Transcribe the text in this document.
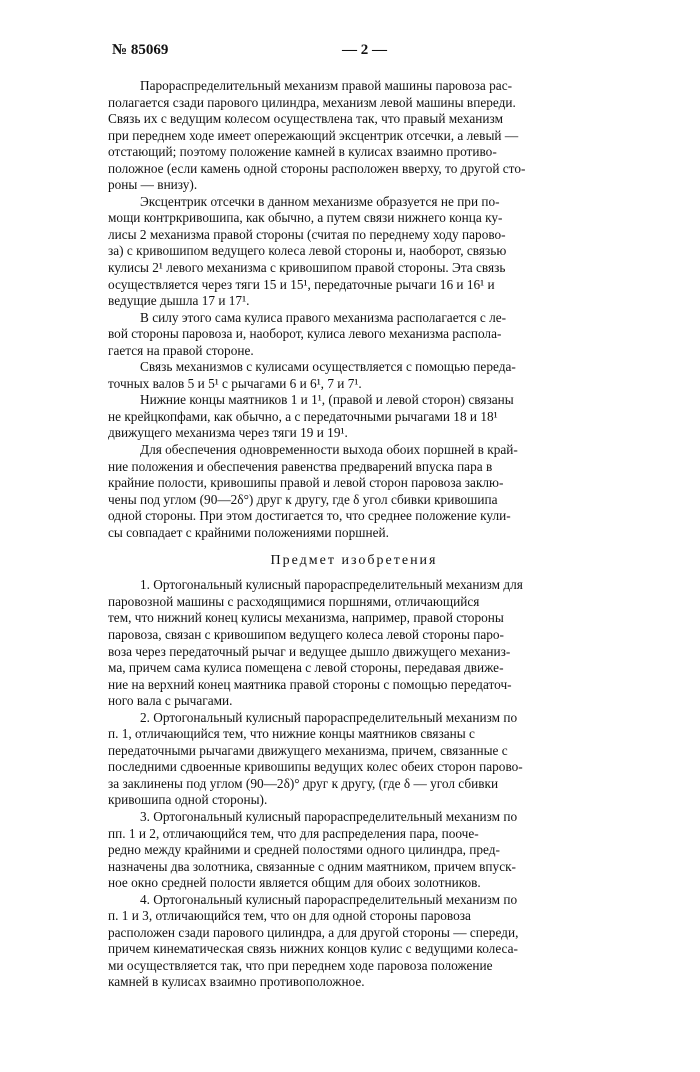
№ 85069	— 2 —
Парораспределительный механизм правой машины паровоза рас-
полагается сзади парового цилиндра, механизм левой машины впереди.
Связь их с ведущим колесом осуществлена так, что правый механизм
при переднем ходе имеет опережающий эксцентрик отсечки, а левый —
отстающий; поэтому положение камней в кулисах взаимно противо-
положное (если камень одной стороны расположен вверху, то другой сто-
роны — внизу).
Эксцентрик отсечки в данном механизме образуется не при по-
мощи контркривошипа, как обычно, а путем связи нижнего конца ку-
лисы 2 механизма правой стороны (считая по переднему ходу парово-
за) с кривошипом ведущего колеса левой стороны и, наоборот, связью
кулисы 2¹ левого механизма с кривошипом правой стороны. Эта связь
осуществляется через тяги 15 и 15¹, передаточные рычаги 16 и 16¹ и
ведущие дышла 17 и 17¹.
В силу этого сама кулиса правого механизма располагается с ле-
вой стороны паровоза и, наоборот, кулиса левого механизма распола-
гается на правой стороне.
Связь механизмов с кулисами осуществляется с помощью переда-
точных валов 5 и 5¹ с рычагами 6 и 6¹, 7 и 7¹.
Нижние концы маятников 1 и 1¹, (правой и левой сторон) связаны
не крейцкопфами, как обычно, а с передаточными рычагами 18 и 18¹
движущего механизма через тяги 19 и 19¹.
Для обеспечения одновременности выхода обоих поршней в край-
ние положения и обеспечения равенства предварений впуска пара в
крайние полости, кривошипы правой и левой сторон паровоза заклю-
чены под углом (90—2δ°) друг к другу, где δ угол сбивки кривошипа
одной стороны. При этом достигается то, что среднее положение кули-
сы совпадает с крайними положениями поршней.
Предмет изобретения
1. Ортогональный кулисный парораспределительный механизм для
паровозной машины с расходящимися поршнями, отличающийся
тем, что нижний конец кулисы механизма, например, правой стороны
паровоза, связан с кривошипом ведущего колеса левой стороны паро-
воза через передаточный рычаг и ведущее дышло движущего механиз-
ма, причем сама кулиса помещена с левой стороны, передавая движе-
ние на верхний конец маятника правой стороны с помощью передаточ-
ного вала с рычагами.
2. Ортогональный кулисный парораспределительный механизм по
п. 1, отличающийся тем, что нижние концы маятников связаны с
передаточными рычагами движущего механизма, причем, связанные с
последними сдвоенные кривошипы ведущих колес обеих сторон парово-
за заклинены под углом (90—2δ)° друг к другу, (где δ — угол сбивки
кривошипа одной стороны).
3. Ортогональный кулисный парораспределительный механизм по
пп. 1 и 2, отличающийся тем, что для распределения пара, пооче-
редно между крайними и средней полостями одного цилиндра, пред-
назначены два золотника, связанные с одним маятником, причем впуск-
ное окно средней полости является общим для обоих золотников.
4. Ортогональный кулисный парораспределительный механизм по
п. 1 и 3, отличающийся тем, что он для одной стороны паровоза
расположен сзади парового цилиндра, а для другой стороны — спереди,
причем кинематическая связь нижних концов кулис с ведущими колеса-
ми осуществляется так, что при переднем ходе паровоза положение
камней в кулисах взаимно противоположное.
